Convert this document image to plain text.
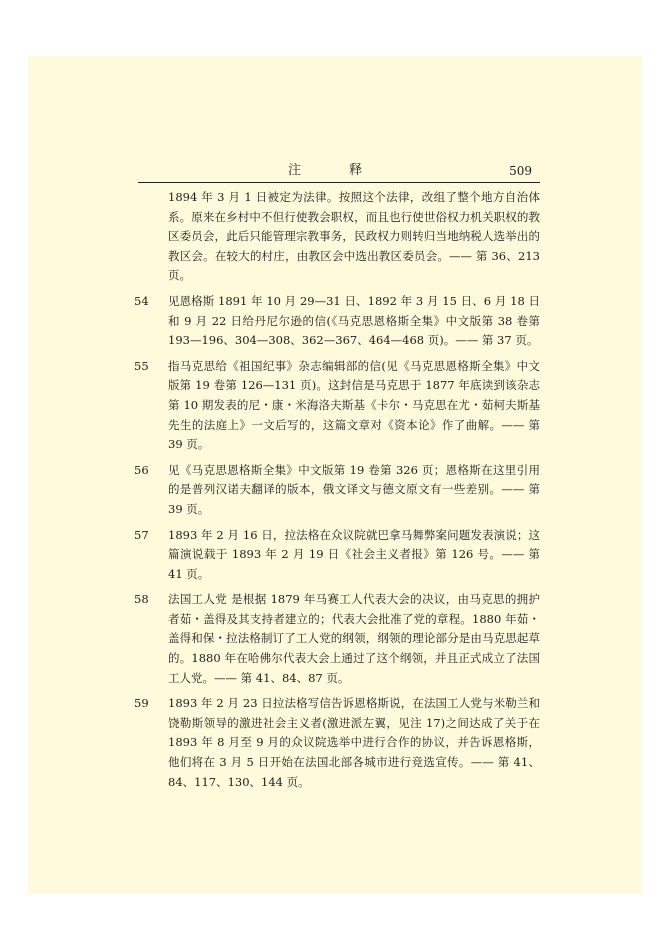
注 释	509
1894 年 3 月 1 日被定为法律。按照这个法律，改组了整个地方自治体系。原来在乡村中不但行使教会职权，而且也行使世俗权力机关职权的教区委员会，此后只能管理宗教事务，民政权力则转归当地纳税人选举出的教区会。在较大的村庄，由教区会中选出教区委员会。—— 第 36、213 页。
54	见恩格斯 1891 年 10 月 29—31 日、1892 年 3 月 15 日、6 月 18 日和 9 月 22 日给丹尼尔逊的信(《马克思恩格斯全集》中文版第 38 卷第 193—196、304—308、362—367、464—468 页)。—— 第 37 页。
55	指马克思给《祖国纪事》杂志编辑部的信(见《马克思恩格斯全集》中文版第 19 卷第 126—131 页)。这封信是马克思于 1877 年底读到该杂志第 10 期发表的尼・康・米海洛夫斯基《卡尔・马克思在尤・茹柯夫斯基先生的法庭上》一文后写的，这篇文章对《资本论》作了曲解。—— 第 39 页。
56	见《马克思恩格斯全集》中文版第 19 卷第 326 页；恩格斯在这里引用的是普列汉诺夫翻译的版本，俄文译文与德文原文有一些差别。—— 第 39 页。
57	1893 年 2 月 16 日，拉法格在众议院就巴拿马舞弊案问题发表演说；这篇演说载于 1893 年 2 月 19 日《社会主义者报》第 126 号。—— 第 41 页。
58	法国工人党 是根据 1879 年马赛工人代表大会的决议，由马克思的拥护者茹・盖得及其支持者建立的；代表大会批准了党的章程。1880 年茹・盖得和保・拉法格制订了工人党的纲领，纲领的理论部分是由马克思起草的。1880 年在哈佛尔代表大会上通过了这个纲领，并且正式成立了法国工人党。—— 第 41、84、87 页。
59	1893 年 2 月 23 日拉法格写信告诉恩格斯说，在法国工人党与米勒兰和饶勒斯领导的激进社会主义者(激进派左翼，见注 17)之间达成了关于在 1893 年 8 月至 9 月的众议院选举中进行合作的协议，并告诉恩格斯，他们将在 3 月 5 日开始在法国北部各城市进行竞选宣传。—— 第 41、84、117、130、144 页。
